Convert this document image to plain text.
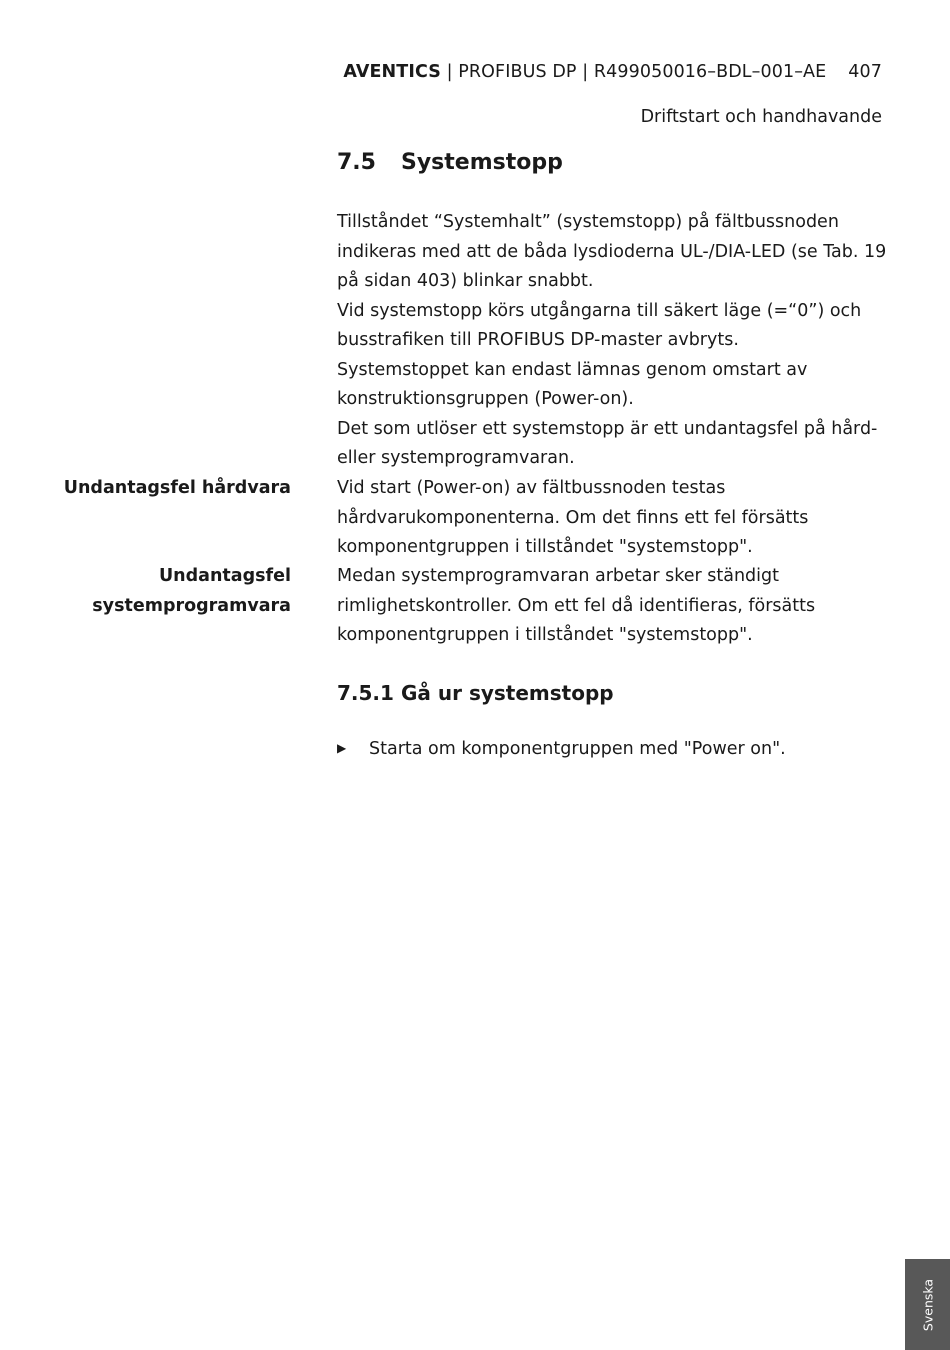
AVENTICS | PROFIBUS DP | R499050016–BDL–001–AE 407
Driftstart och handhavande
7.5 Systemstopp

Tillståndet “Systemhalt” (systemstopp) på fältbussnoden indikeras med att de båda lysdioderna UL-/DIA-LED (se Tab. 19 på sidan 403) blinkar snabbt.

Vid systemstopp körs utgångarna till säkert läge (=“0”) och busstrafiken till PROFIBUS DP-master avbryts.

Systemstoppet kan endast lämnas genom omstart av konstruktionsgruppen (Power-on).

Det som utlöser ett systemstopp är ett undantagsfel på hård- eller systemprogramvaran.

Undantagsfel hårdvara	Vid start (Power-on) av fältbussnoden testas hårdvarukomponenterna. Om det finns ett fel försätts komponentgruppen i tillståndet "systemstopp".

Undantagsfel
systemprogramvara

Medan systemprogramvaran arbetar sker ständigt rimlighetskontroller. Om ett fel då identifieras, försätts komponentgruppen i tillståndet "systemstopp".

7.5.1 Gå ur systemstopp
▶ Starta om komponentgruppen med "Power on".
Svenska
